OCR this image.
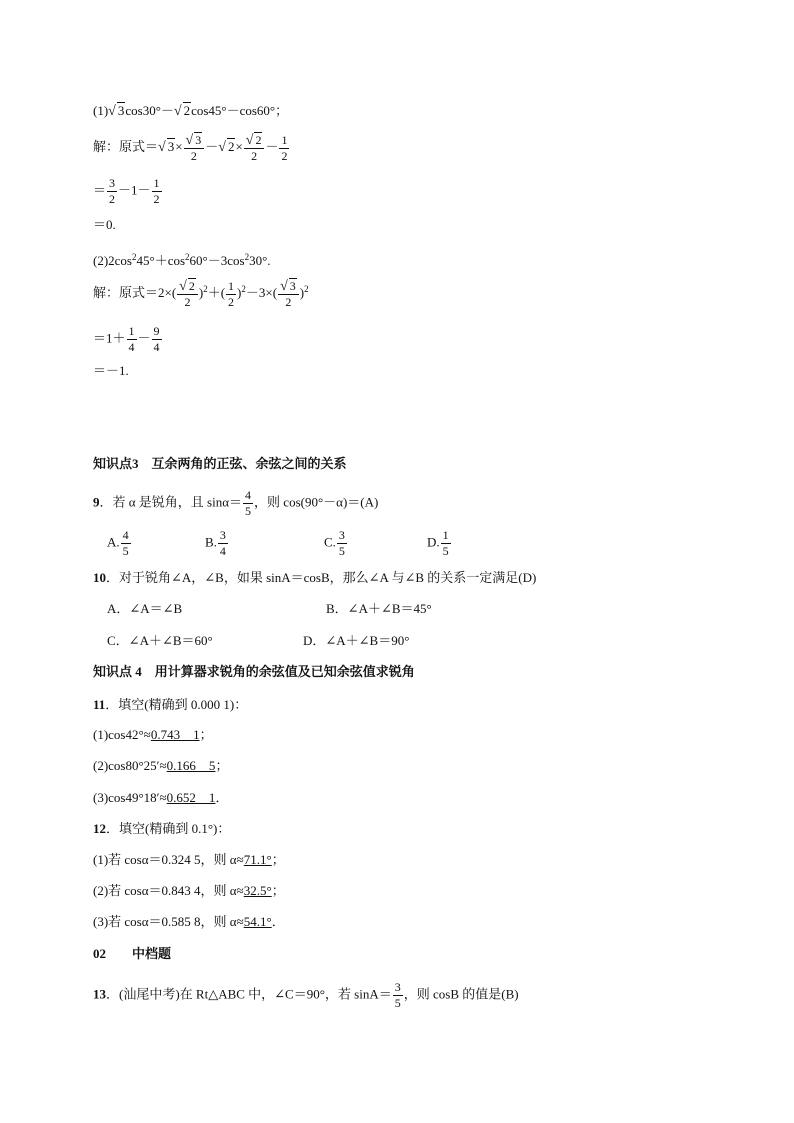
(1)√ 3cos30°－√ 2cos45°－cos60°；
解：原式＝√ $3\times \frac{√ 3}{2}$ －√ $2\times \frac{√ 2}{2} - \frac{1}{2}$
＝ $\frac{3}{2} -1- \frac{1}{2}$
＝0.
$(2)2\cos^245^\circ+\cos^260^\circ-3\cos^230^\circ$.
解：原式$=2\times( \frac{√ 2}{2} )^2+( \frac{1}{2} )^2-3\times( \frac{√ 3}{2} )^2$
$=1+ \frac{1}{4} - \frac{9}{4}$
＝－1.
知识点3　互余两角的正弦、余弦之间的关系
9．若 α 是锐角，且 $\sin\alpha= \frac{4}{5}$ ，则 cos(90°－α)＝(A)
A. $\frac{4}{5}$	B. $\frac{3}{4}$	C. $\frac{3}{5}$	D. $\frac{1}{5}$
10．对于锐角∠A，∠B，如果 sinA＝cosB，那么∠A 与∠B 的关系一定满足(D)
A．∠A＝∠B	B．∠A＋∠B＝45°
C．∠A＋∠B＝60°	D．∠A＋∠B＝90°
知识点 4　用计算器求锐角的余弦值及已知余弦值求锐角
11．填空(精确到 0.000 1)：
(1)cos42°≈0.743　1；
(2)cos80°25′≈0.166　5；
(3)cos49°18′≈0.652　1．
12．填空(精确到 0.1°)：
(1)若 cosα＝0.324 5，则 α≈71.1°；
(2)若 cosα＝0.843 4，则 α≈32.5°；
(3)若 cosα＝0.585 8，则 α≈54.1°．
02　　中档题
13．(汕尾中考)在 Rt△ABC 中，∠C＝90°，若 $\sin A= \frac{3}{5}$ ，则 cosB 的值是(B)
